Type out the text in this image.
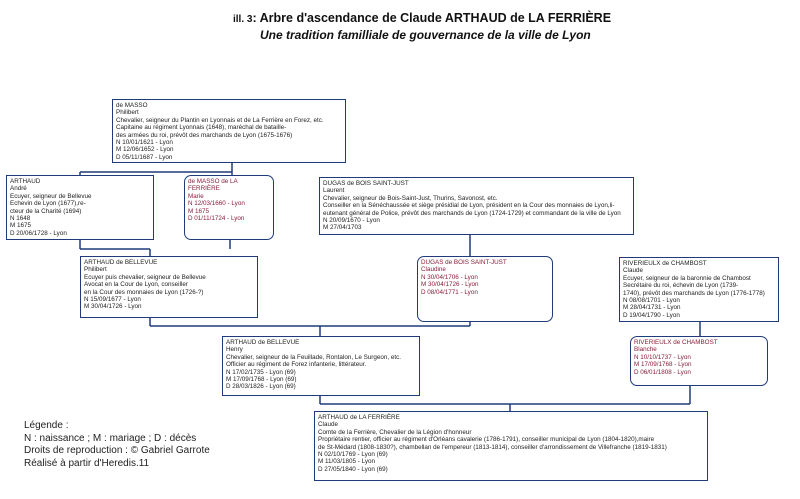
ill. 3: Arbre d'ascendance de Claude ARTHAUD de LA FERRIÈRE
Une tradition familliale de gouvernance de la ville de Lyon
de MASSO
Philibert
Chevalier, seigneur du Plantin en Lyonnais et de La Ferrière en Forez, etc.
Capitaine au régiment Lyonnais (1648), maréchal de bataille-
des armées du roi, prévôt des marchands de Lyon (1675-1676)
N 10/01/1621 - Lyon
M 12/06/1652 - Lyon
D 05/11/1687 - Lyon
ARTHAUD
André
Ecuyer, seigneur de Bellevue
Echevin de Lyon (1677),re-
cteur de la Charité (1694)
N 1648
M 1675
D 20/06/1728 - Lyon
de MASSO de LA FERRIÈRE
Marie
N 12/03/1660 - Lyon
M 1675
D 01/11/1724 - Lyon
DUGAS de BOIS SAINT-JUST
Laurent
Chevalier, seigneur de Bois-Saint-Just, Thurins, Savonost, etc.
Conseiller en la Sénéchaussée et siège présidial de Lyon, président en la Cour des monnaies de Lyon,li-
eutenant général de Police, prévôt des marchands de Lyon (1724-1729) et commandant de la ville de Lyon
N 20/09/1670 - Lyon
M 27/04/1703
ARTHAUD de BELLEVUE
Philibert
Ecuyer puis chevalier, seigneur de Bellevue
Avocat en la Cour de Lyon, conseiller
en la Cour des monnaies de Lyon (1726-?)
N 15/09/1677 - Lyon
M 30/04/1726 - Lyon
DUGAS de BOIS SAINT-JUST
Claudine
N 30/04/1706 - Lyon
M 30/04/1726 - Lyon
D 08/04/1771 - Lyon
RIVERIEULX de CHAMBOST
Claude
Ecuyer, seigneur de la baronnie de Chambost
Secrétaire du roi, échevin de Lyon (1739-
1740), prévôt des marchands de Lyon (1776-1778)
N 08/08/1701 - Lyon
M 28/04/1731 - Lyon
D 19/04/1790 - Lyon
ARTHAUD de BELLEVUE
Henry
Chevalier, seigneur de la Feuillade, Rontalon, Le Surgeon, etc.
Officier au régiment de Forez infanterie, littérateur.
N 17/02/1735 - Lyon (69)
M 17/09/1768 - Lyon (69)
D 28/03/1826 - Lyon (69)
RIVERIEULX de CHAMBOST
Blanche
N 10/10/1737 - Lyon
M 17/09/1768 - Lyon
D 06/01/1808 - Lyon
ARTHAUD de LA FERRIÈRE
Claude
Comte de la Ferrière, Chevalier de la Légion d'honneur
Propriétaire rentier, officier au régiment d'Orléans cavalerie (1786-1791), conseiller municipal de Lyon (1804-1820),maire
de St-Médard (1808-1830?), chambellan de l'empereur (1813-1814), conseiller d'arrondissement de Villefranche (1819-1831)
N 02/10/1769 - Lyon (69)
M 11/03/1805 - Lyon
D 27/05/1840 - Lyon (69)
Légende :
N : naissance ; M : mariage ; D : décès
Droits de reproduction : © Gabriel Garrote
Réalisé à partir d'Heredis.11
